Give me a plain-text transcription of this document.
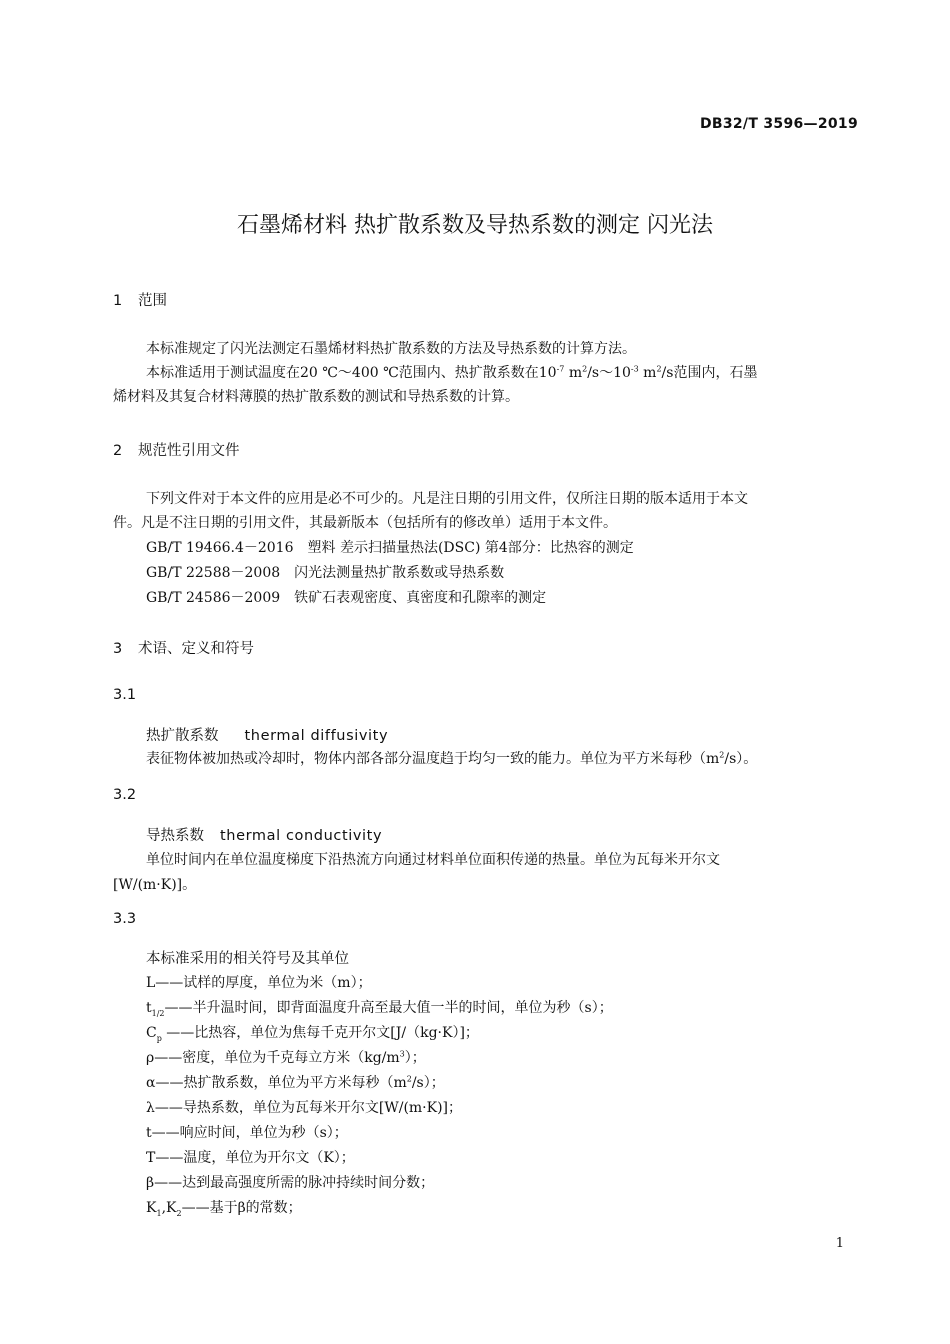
DB32/T 3596—2019
石墨烯材料 热扩散系数及导热系数的测定 闪光法
1 范围
本标准规定了闪光法测定石墨烯材料热扩散系数的方法及导热系数的计算方法。
本标准适用于测试温度在20 ℃～400 ℃范围内、热扩散系数在$10^{-7}$ $m^2/s\sim 10^{-3}$ $m^2/s$范围内，石墨
烯材料及其复合材料薄膜的热扩散系数的测试和导热系数的计算。
2 规范性引用文件
下列文件对于本文件的应用是必不可少的。凡是注日期的引用文件，仅所注日期的版本适用于本文
件。凡是不注日期的引用文件，其最新版本（包括所有的修改单）适用于本文件。
GB/T 19466.4－2016　塑料 差示扫描量热法(DSC) 第4部分：比热容的测定
GB/T 22588－2008　闪光法测量热扩散系数或导热系数
GB/T 24586－2009　铁矿石表观密度、真密度和孔隙率的测定
3 术语、定义和符号
3.1
热扩散系数 thermal diffusivity
表征物体被加热或冷却时，物体内部各部分温度趋于均匀一致的能力。单位为平方米每秒$(m^2/s)$。
3.2
导热系数 thermal conductivity
单位时间内在单位温度梯度下沿热流方向通过材料单位面积传递的热量。单位为瓦每米开尔文
[W/(m·K)]。
3.3
本标准采用的相关符号及其单位
L——试样的厚度，单位为米（m）；
$t_{1/2}——$半升温时间，即背面温度升高至最大值一半的时间，单位为秒（s）；
$C_p$ ——比热容，单位为焦每千克开尔文[J/（kg·K）]；
ρ——密度，单位为千克每立方米$(kg/m^3)$；
α——热扩散系数，单位为平方米每秒$(m^2/s)$；
λ——导热系数，单位为瓦每米开尔文[W/(m·K)]；
t——响应时间，单位为秒（s）；
T——温度，单位为开尔文（K）；
β——达到最高强度所需的脉冲持续时间分数；
$K_1,K_2——$基于β的常数；
1
